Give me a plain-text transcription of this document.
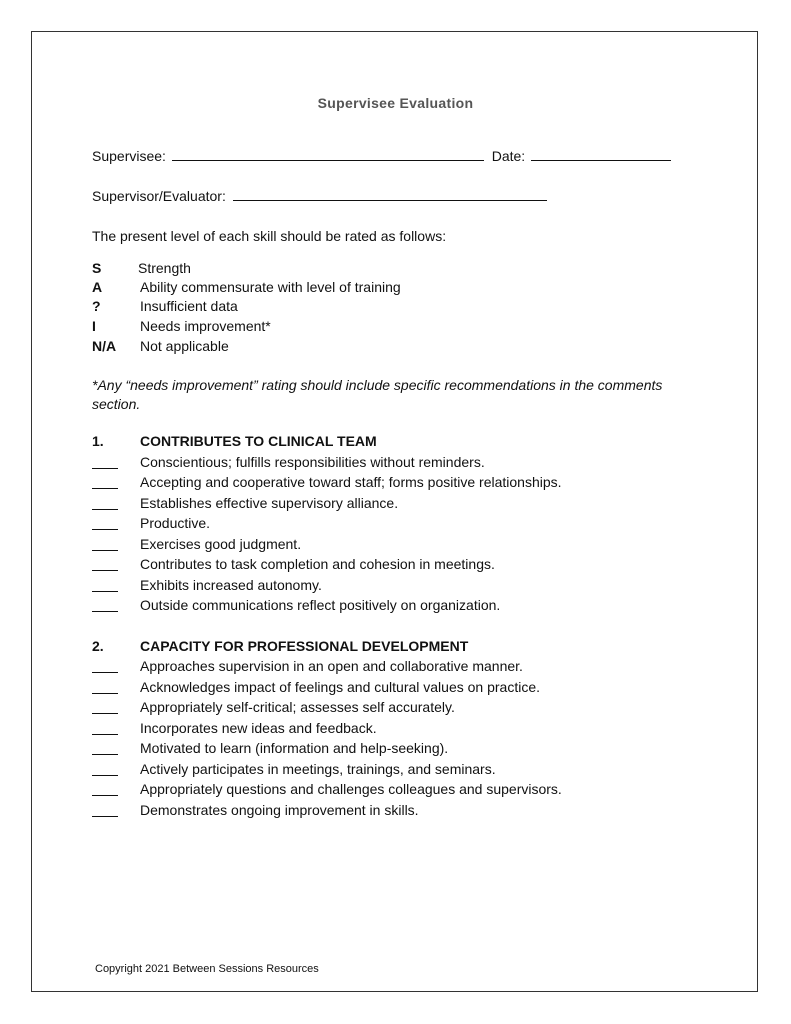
Supervisee Evaluation
Supervisee:	Date:
Supervisor/Evaluator:
The present level of each skill should be rated as follows:
S	Strength
A	Ability commensurate with level of training
?	Insufficient data
I	Needs improvement*
N/A Not applicable
*Any “needs improvement” rating should include specific recommendations in the comments section.
1.	CONTRIBUTES TO CLINICAL TEAM
Conscientious; fulfills responsibilities without reminders.
Accepting and cooperative toward staff; forms positive relationships.
Establishes effective supervisory alliance.
Productive.
Exercises good judgment.
Contributes to task completion and cohesion in meetings.
Exhibits increased autonomy.
Outside communications reflect positively on organization.
2.	CAPACITY FOR PROFESSIONAL DEVELOPMENT
Approaches supervision in an open and collaborative manner.
Acknowledges impact of feelings and cultural values on practice.
Appropriately self-critical; assesses self accurately.
Incorporates new ideas and feedback.
Motivated to learn (information and help-seeking).
Actively participates in meetings, trainings, and seminars.
Appropriately questions and challenges colleagues and supervisors.
Demonstrates ongoing improvement in skills.
Copyright 2021 Between Sessions Resources
